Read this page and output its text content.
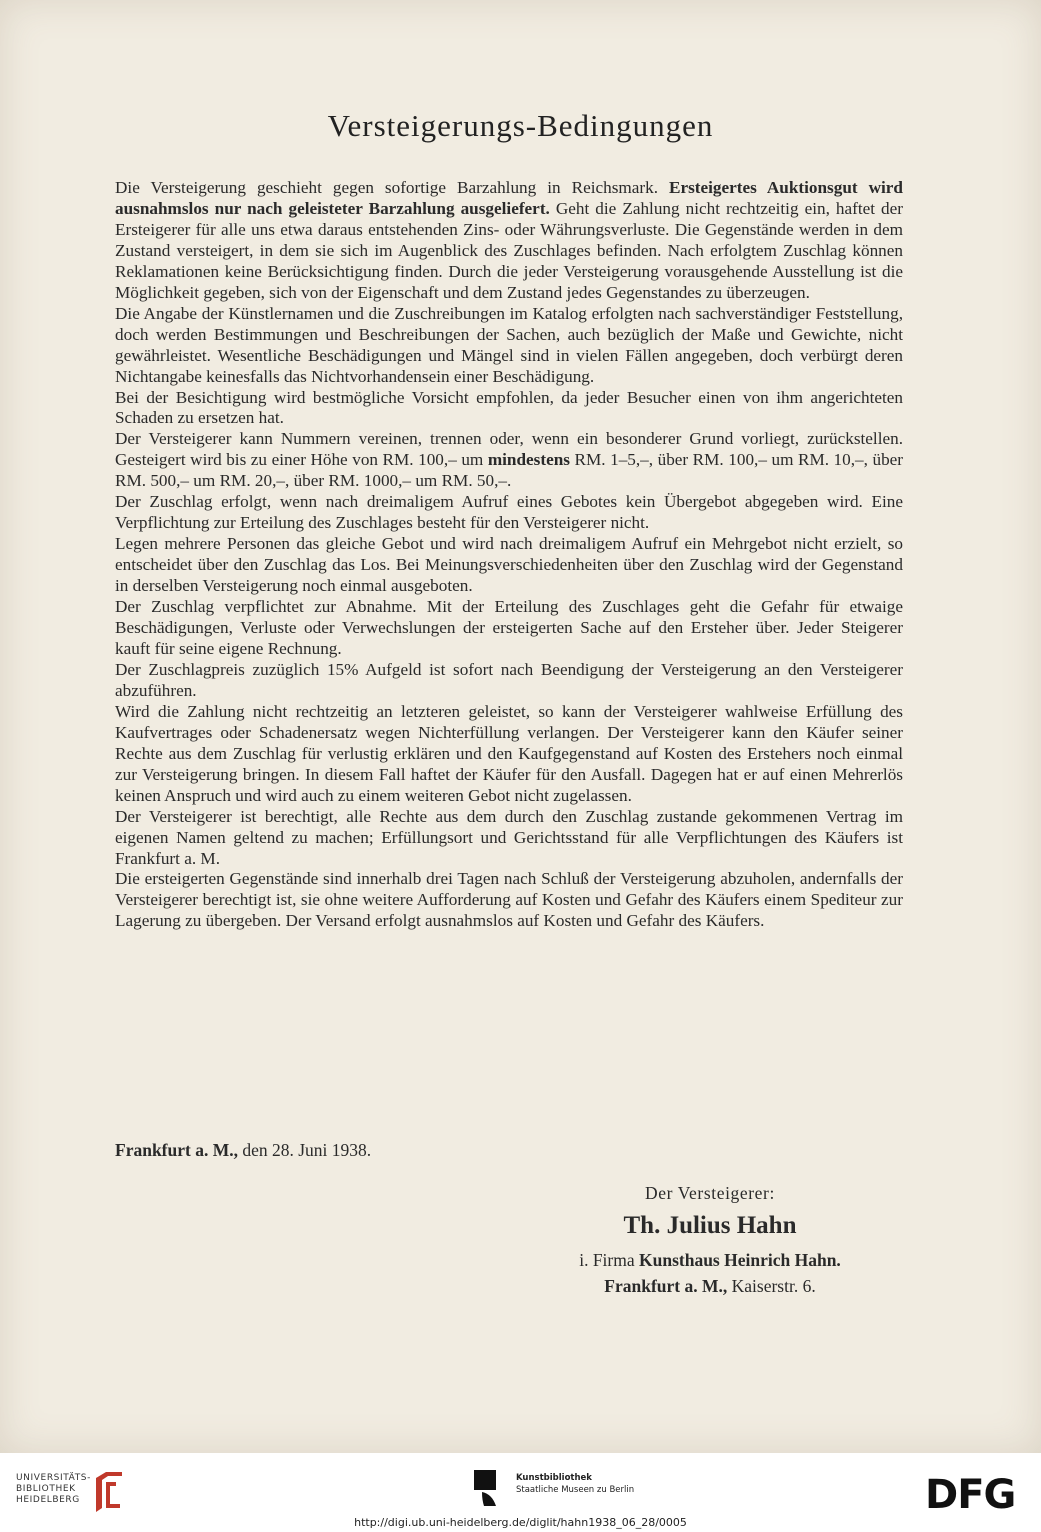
Versteigerungs-Bedingungen

Die Versteigerung geschieht gegen sofortige Barzahlung in Reichsmark. Ersteigertes Auktionsgut wird ausnahmslos nur nach geleisteter Barzahlung ausgeliefert. Geht die Zahlung nicht rechtzeitig ein, haftet der Ersteigerer für alle uns etwa daraus entstehenden Zins- oder Währungsverluste. Die Gegenstände werden in dem Zustand versteigert, in dem sie sich im Augenblick des Zuschlages befinden. Nach erfolgtem Zuschlag können Reklamationen keine Berücksichtigung finden. Durch die jeder Versteigerung vorausgehende Ausstellung ist die Möglichkeit gegeben, sich von der Eigenschaft und dem Zustand jedes Gegenstandes zu überzeugen.

Die Angabe der Künstlernamen und die Zuschreibungen im Katalog erfolgten nach sachverständiger Feststellung, doch werden Bestimmungen und Beschreibungen der Sachen, auch bezüglich der Maße und Gewichte, nicht gewährleistet. Wesentliche Beschädigungen und Mängel sind in vielen Fällen angegeben, doch verbürgt deren Nichtangabe keinesfalls das Nichtvorhandensein einer Beschädigung.

Bei der Besichtigung wird bestmögliche Vorsicht empfohlen, da jeder Besucher einen von ihm angerichteten Schaden zu ersetzen hat.

Der Versteigerer kann Nummern vereinen, trennen oder, wenn ein besonderer Grund vorliegt, zurückstellen. Gesteigert wird bis zu einer Höhe von RM. 100,– um mindestens RM. 1–5,–, über RM. 100,– um RM. 10,–, über RM. 500,– um RM. 20,–, über RM. 1000,– um RM. 50,–.

Der Zuschlag erfolgt, wenn nach dreimaligem Aufruf eines Gebotes kein Übergebot abgegeben wird. Eine Verpflichtung zur Erteilung des Zuschlages besteht für den Versteigerer nicht.

Legen mehrere Personen das gleiche Gebot und wird nach dreimaligem Aufruf ein Mehrgebot nicht erzielt, so entscheidet über den Zuschlag das Los. Bei Meinungsverschiedenheiten über den Zuschlag wird der Gegenstand in derselben Versteigerung noch einmal ausgeboten.

Der Zuschlag verpflichtet zur Abnahme. Mit der Erteilung des Zuschlages geht die Gefahr für etwaige Beschädigungen, Verluste oder Verwechslungen der ersteigerten Sache auf den Ersteher über. Jeder Steigerer kauft für seine eigene Rechnung.

Der Zuschlagpreis zuzüglich 15% Aufgeld ist sofort nach Beendigung der Versteigerung an den Versteigerer abzuführen.

Wird die Zahlung nicht rechtzeitig an letzteren geleistet, so kann der Versteigerer wahlweise Erfüllung des Kaufvertrages oder Schadenersatz wegen Nichterfüllung verlangen. Der Versteigerer kann den Käufer seiner Rechte aus dem Zuschlag für verlustig erklären und den Kaufgegenstand auf Kosten des Erstehers noch einmal zur Versteigerung bringen. In diesem Fall haftet der Käufer für den Ausfall. Dagegen hat er auf einen Mehrerlös keinen Anspruch und wird auch zu einem weiteren Gebot nicht zugelassen.

Der Versteigerer ist berechtigt, alle Rechte aus dem durch den Zuschlag zustande gekommenen Vertrag im eigenen Namen geltend zu machen; Erfüllungsort und Gerichtsstand für alle Verpflichtungen des Käufers ist Frankfurt a. M.

Die ersteigerten Gegenstände sind innerhalb drei Tagen nach Schluß der Versteigerung abzuholen, andernfalls der Versteigerer berechtigt ist, sie ohne weitere Aufforderung auf Kosten und Gefahr des Käufers einem Spediteur zur Lagerung zu übergeben. Der Versand erfolgt ausnahmslos auf Kosten und Gefahr des Käufers.

Frankfurt a. M., den 28. Juni 1938.
Der Versteigerer:
Th. Julius Hahn
i. Firma Kunsthaus Heinrich Hahn.
Frankfurt a. M., Kaiserstr. 6.
UNIVERSITÄTS-
BIBLIOTHEK
HEIDELBERG
Kunstbibliothek
Staatliche Museen zu Berlin	DFG
http://digi.ub.uni-heidelberg.de/diglit/hahn1938_06_28/0005
